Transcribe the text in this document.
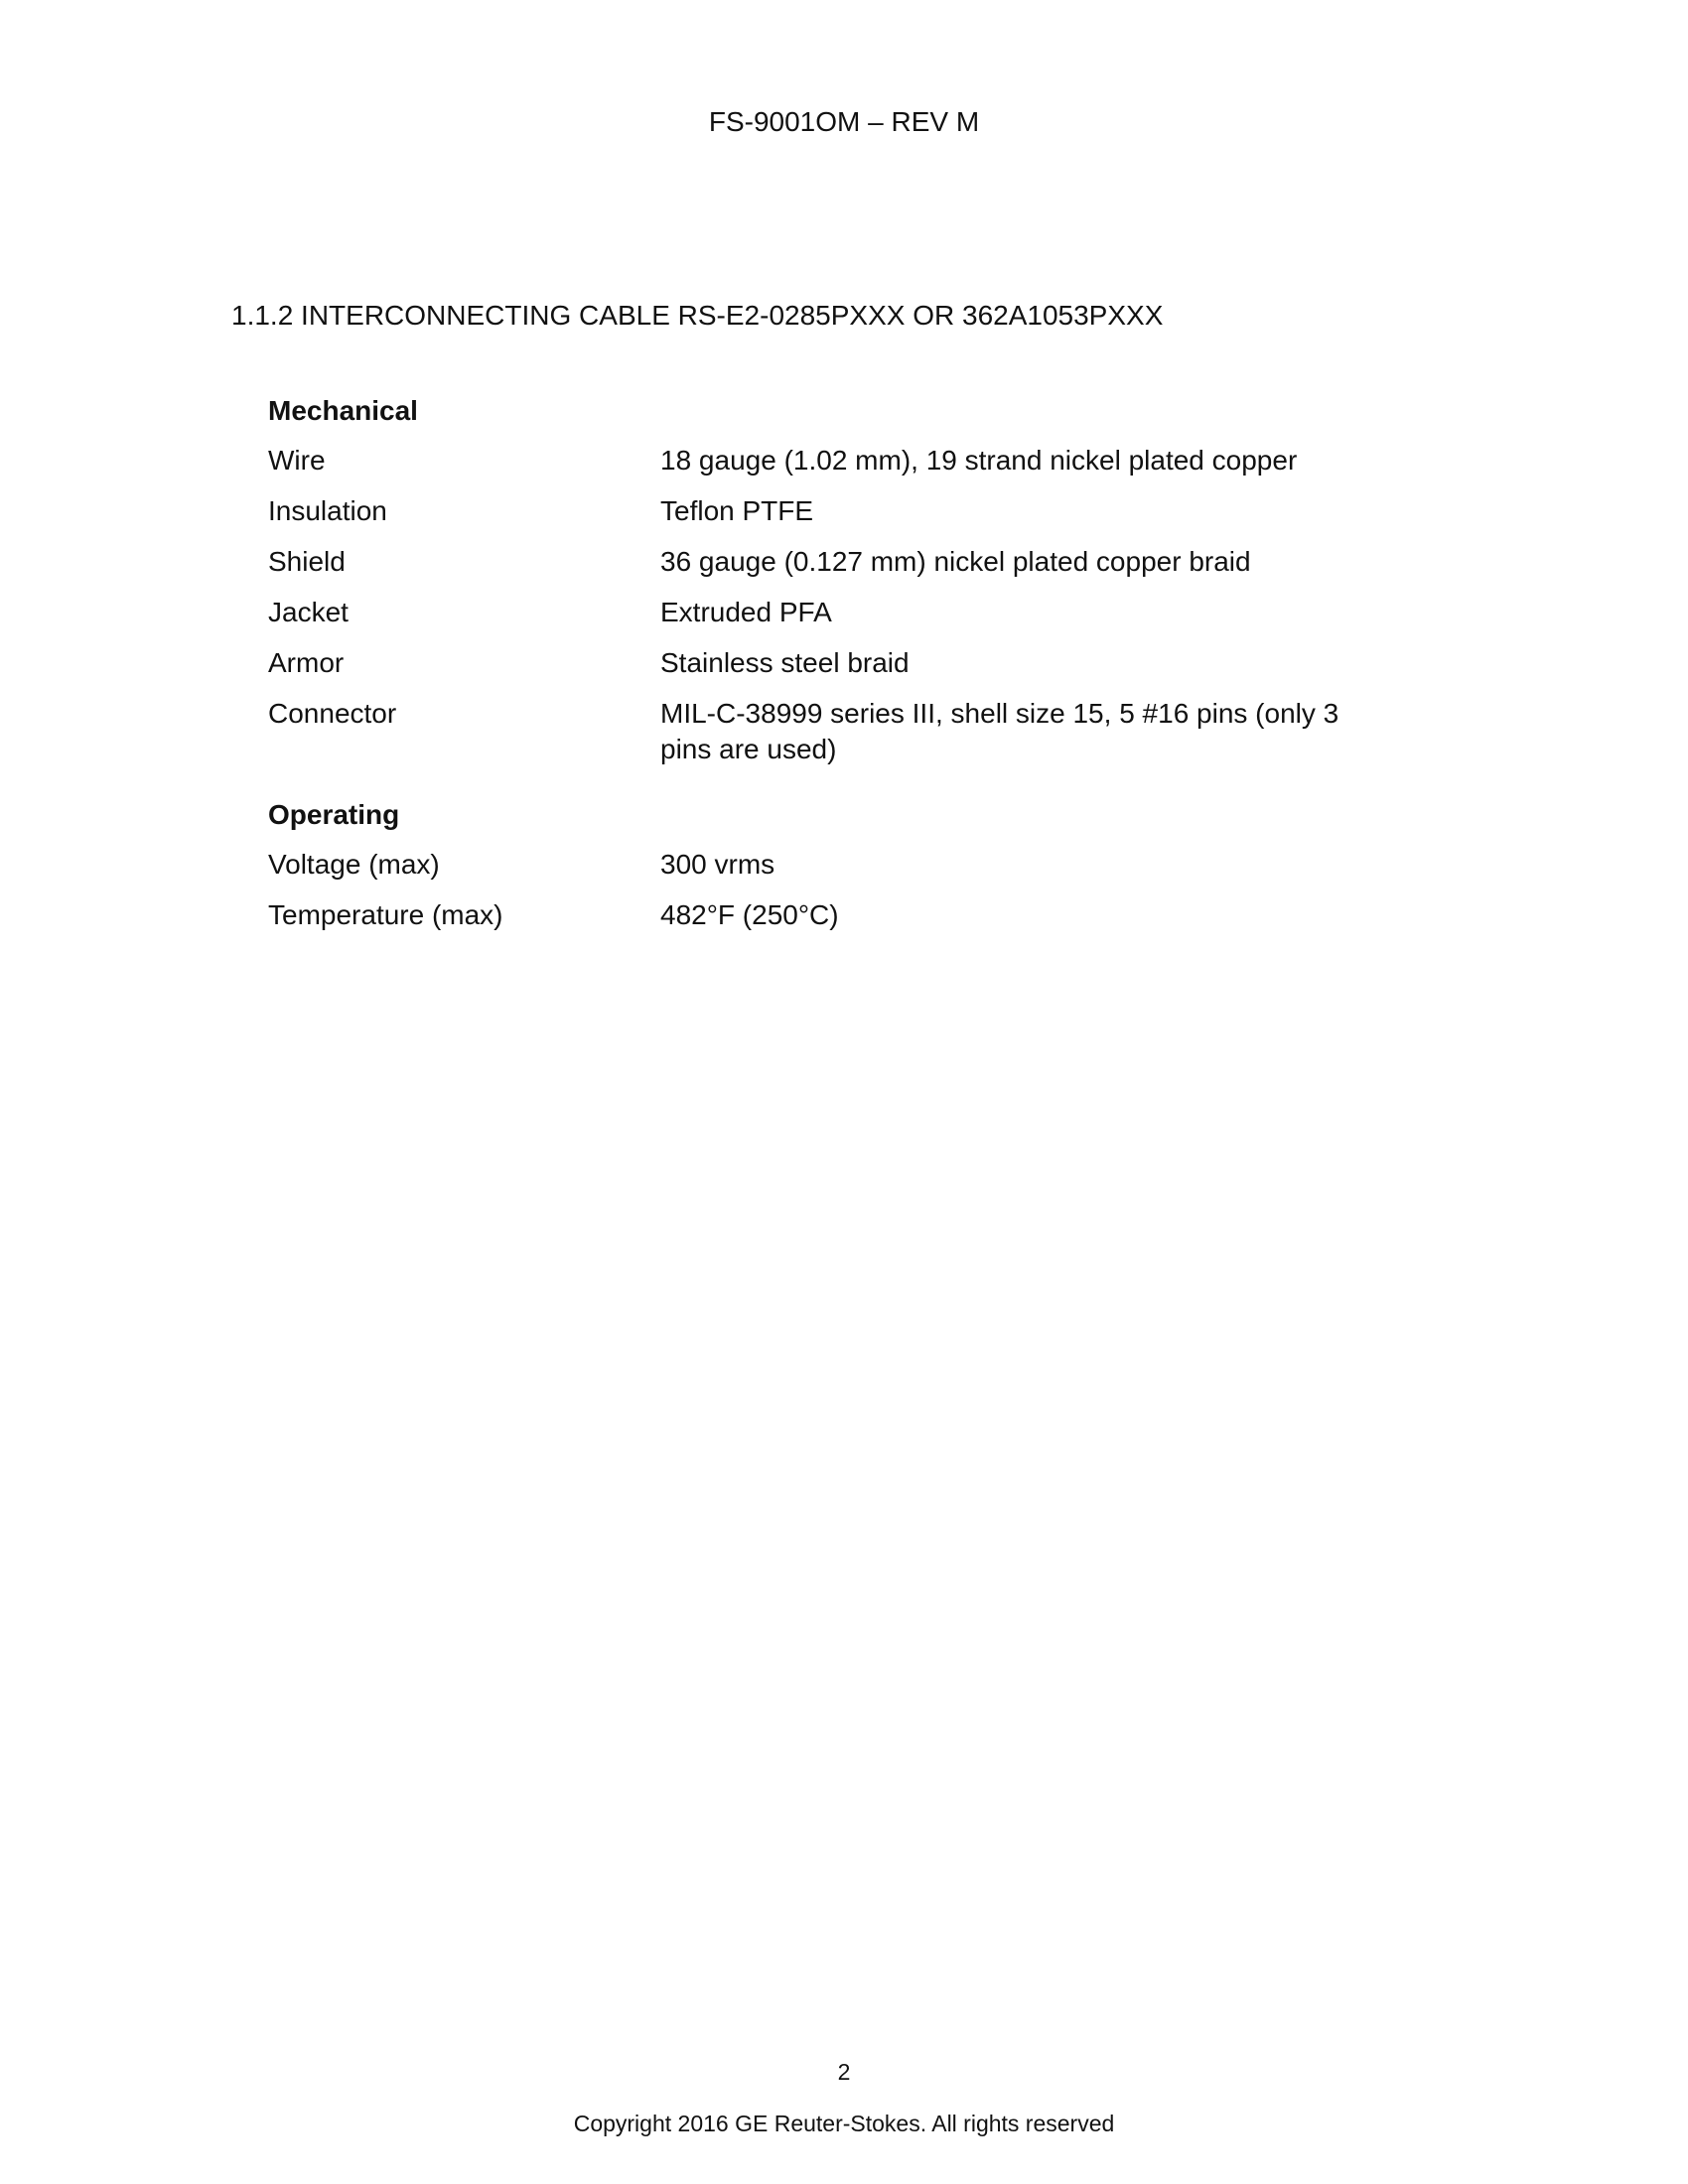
FS-9001OM – REV M
1.1.2 INTERCONNECTING CABLE RS-E2-0285PXXX OR 362A1053PXXX
Mechanical
Wire	18 gauge (1.02 mm), 19 strand nickel plated copper
Insulation	Teflon PTFE
Shield	36 gauge (0.127 mm) nickel plated copper braid
Jacket	Extruded PFA
Armor	Stainless steel braid
Connector	MIL-C-38999 series III, shell size 15, 5 #16 pins (only 3 pins are used)
Operating
Voltage (max)	300 vrms
Temperature (max)	482°F (250°C)
2
Copyright 2016 GE Reuter-Stokes. All rights reserved
